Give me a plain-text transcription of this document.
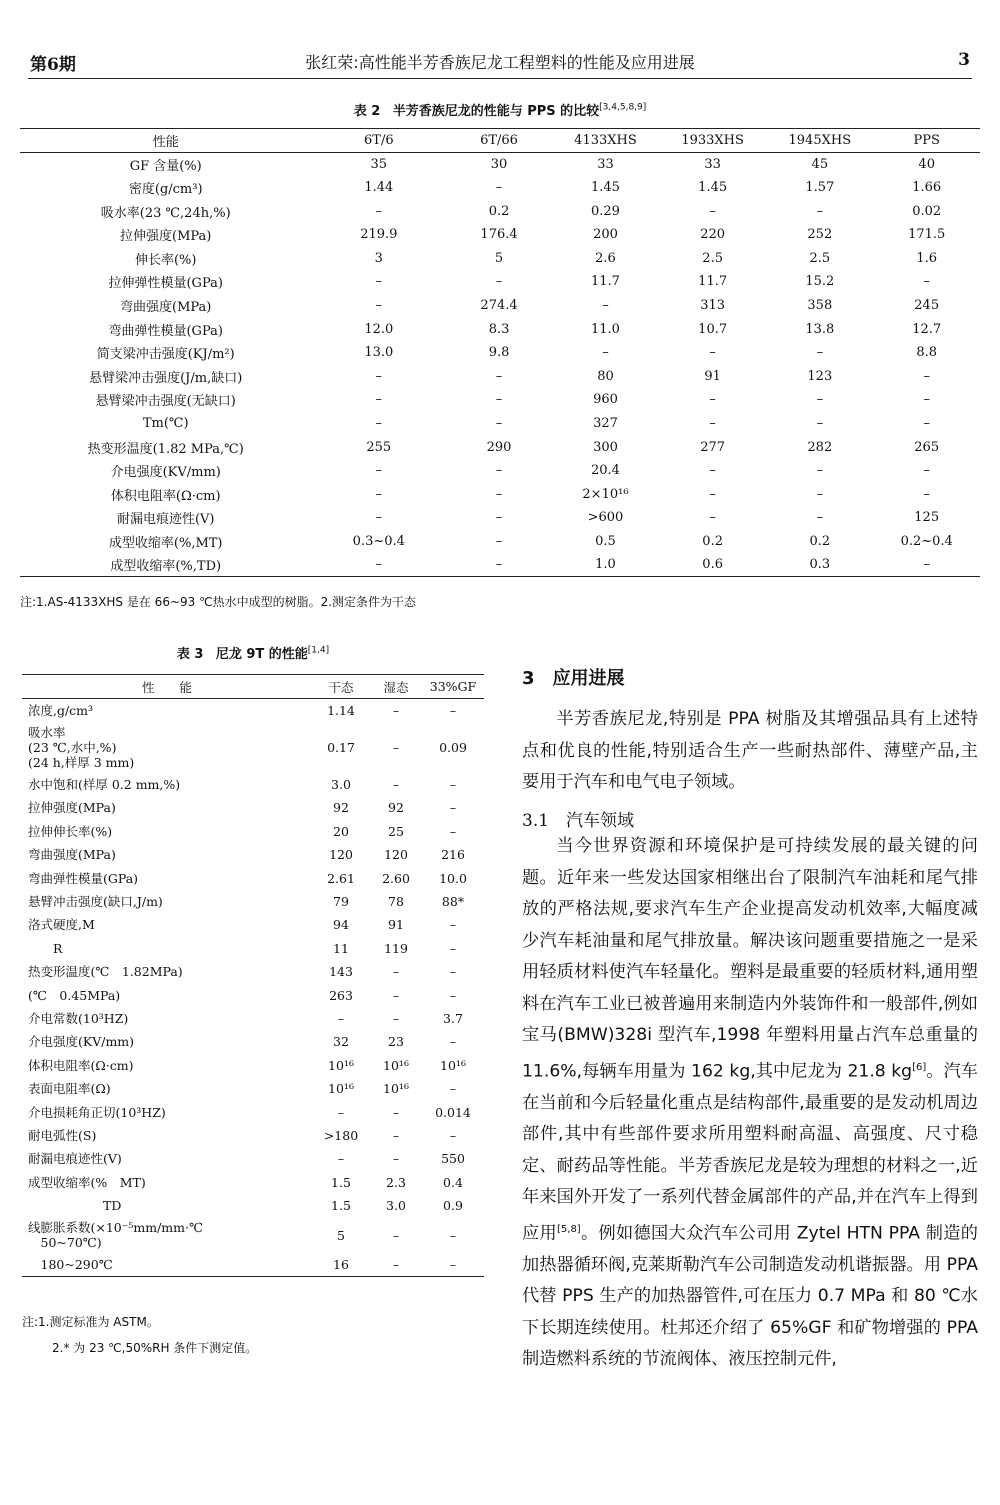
第6期	张红荣:高性能半芳香族尼龙工程塑料的性能及应用进展	3
表 2 半芳香族尼龙的性能与 PPS 的比较[3,4,5,8,9]
性能	6T/6	6T/66	4133XHS	1933XHS	1945XHS	PPS
GF 含量(%)	35	30	33	33	45	40
密度(g/cm³)	1.44	–	1.45	1.45	1.57	1.66
吸水率(23 ℃,24h,%)	–	0.2	0.29	–	–	0.02
拉伸强度(MPa)	219.9	176.4	200	220	252	171.5
伸长率(%)	3	5	2.6	2.5	2.5	1.6
拉伸弹性模量(GPa)	–	–	11.7	11.7	15.2	–
弯曲强度(MPa)	–	274.4	–	313	358	245
弯曲弹性模量(GPa)	12.0	8.3	11.0	10.7	13.8	12.7
简支梁冲击强度(KJ/m²)	13.0	9.8	–	–	–	8.8
悬臂梁冲击强度(J/m,缺口)	–	–	80	91	123	–
悬臂梁冲击强度(无缺口)	–	–	960	–	–	–
Tm(℃)	–	–	327	–	–	–
热变形温度(1.82 MPa,℃)	255	290	300	277	282	265
介电强度(KV/mm)	–	–	20.4	–	–	–
体积电阻率(Ω·cm)	–	–	2×10¹⁶	–	–	–
耐漏电痕迹性(V)	–	–	>600	–	–	125
成型收缩率(%,MT)	0.3~0.4	–	0.5	0.2	0.2	0.2~0.4
成型收缩率(%,TD)	–	–	1.0	0.6	0.3	–
注:1.AS-4133XHS 是在 66~93 ℃热水中成型的树脂。2.测定条件为干态
表 3 尼龙 9T 的性能[1,4]
性　　能	干态	湿态	33%GF
浓度,g/cm³	1.14	–	–
吸水率
(23 ℃,水中,%)
(24 h,样厚 3 mm)	0.17	–	0.09
水中饱和(样厚 0.2 mm,%)	3.0	–	–
拉伸强度(MPa)	92	92	–
拉伸伸长率(%)	20	25	–
弯曲强度(MPa)	120	120	216
弯曲弹性模量(GPa)	2.61	2.60	10.0
悬臂冲击强度(缺口,J/m)	79	78	88*
洛式硬度,M	94	91	–
　　R	11	119	–
热变形温度(℃　1.82MPa)	143	–	–
(℃　0.45MPa)	263	–	–
介电常数(10³HZ)	–	–	3.7
介电强度(KV/mm)	32	23	–
体积电阻率(Ω·cm)	10¹⁶	10¹⁶	10¹⁶
表面电阻率(Ω)	10¹⁶	10¹⁶	–
介电损耗角正切(10³HZ)	–	–	0.014
耐电弧性(S)	>180	–	–
耐漏电痕迹性(V)	–	–	550
成型收缩率(%　MT)	1.5	2.3	0.4
　　　　　　TD	1.5	3.0	0.9
线膨胀系数(×10⁻⁵mm/mm·℃
　50~70℃)	5	–	–
　180~290℃	16	–	–
注:1.测定标准为 ASTM。
2.* 为 23 ℃,50%RH 条件下测定值。
3　应用进展
半芳香族尼龙,特别是 PPA 树脂及其增强品具有上述特点和优良的性能,特别适合生产一些耐热部件、薄壁产品,主要用于汽车和电气电子领域。
3.1　汽车领域
当今世界资源和环境保护是可持续发展的最关键的问题。近年来一些发达国家相继出台了限制汽车油耗和尾气排放的严格法规,要求汽车生产企业提高发动机效率,大幅度减少汽车耗油量和尾气排放量。解决该问题重要措施之一是采用轻质材料使汽车轻量化。塑料是最重要的轻质材料,通用塑料在汽车工业已被普遍用来制造内外装饰件和一般部件,例如宝马(BMW)328i 型汽车,1998 年塑料用量占汽车总重量的 11.6%,每辆车用量为 162 kg,其中尼龙为 21.8 kg[6]。汽车在当前和今后轻量化重点是结构部件,最重要的是发动机周边部件,其中有些部件要求所用塑料耐高温、高强度、尺寸稳定、耐药品等性能。半芳香族尼龙是较为理想的材料之一,近年来国外开发了一系列代替金属部件的产品,并在汽车上得到应用[5,8]。例如德国大众汽车公司用 Zytel HTN PPA 制造的加热器循环阀,克莱斯勒汽车公司制造发动机谐振器。用 PPA 代替 PPS 生产的加热器管件,可在压力 0.7 MPa 和 80 ℃水下长期连续使用。杜邦还介绍了 65%GF 和矿物增强的 PPA 制造燃料系统的节流阀体、液压控制元件,
